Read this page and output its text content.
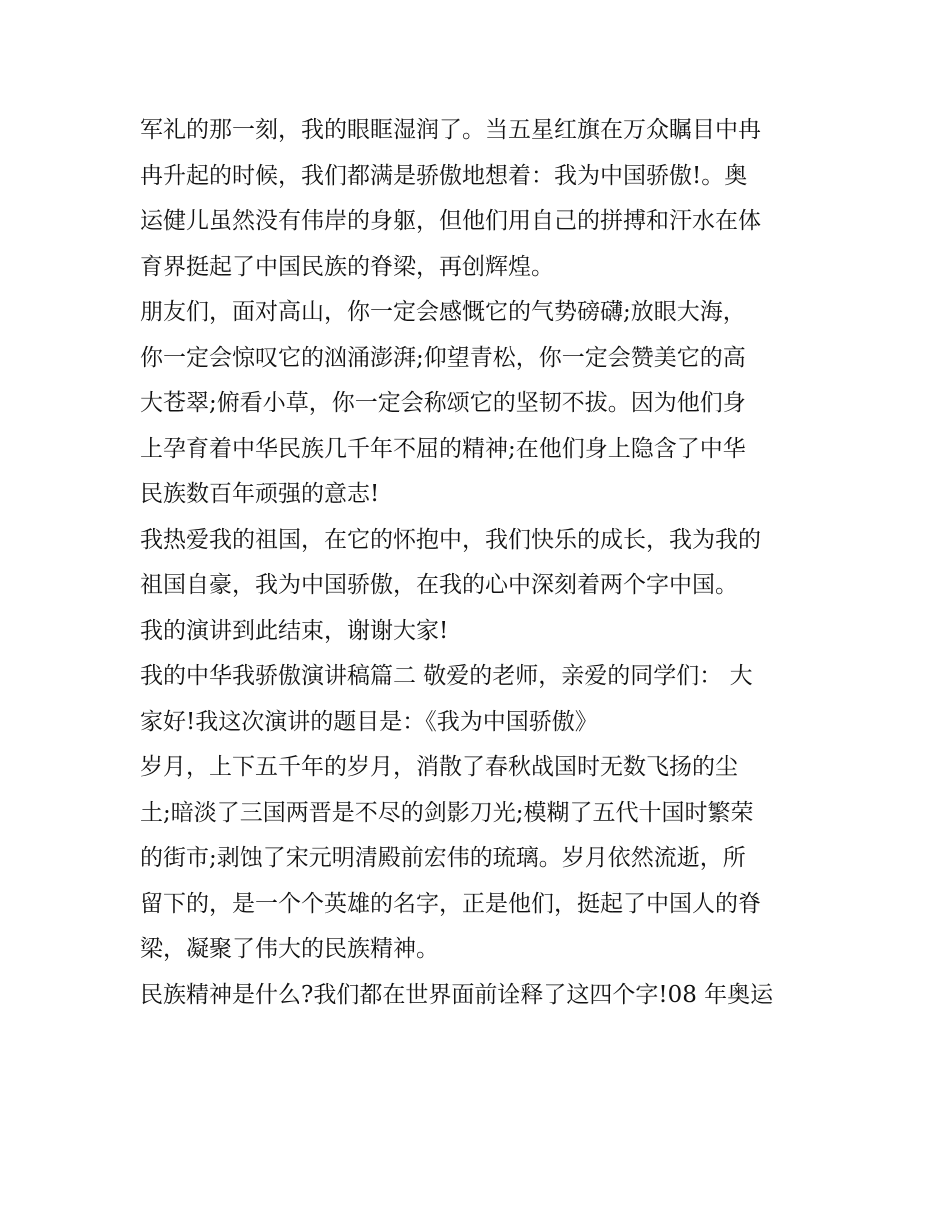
军礼的那一刻，我的眼眶湿润了。当五星红旗在万众瞩目中冉
冉升起的时候，我们都满是骄傲地想着：我为中国骄傲!。奥
运健儿虽然没有伟岸的身躯，但他们用自己的拼搏和汗水在体
育界挺起了中国民族的脊梁，再创辉煌。
朋友们，面对高山，你一定会感慨它的气势磅礴;放眼大海，
你一定会惊叹它的汹涌澎湃;仰望青松，你一定会赞美它的高
大苍翠;俯看小草，你一定会称颂它的坚韧不拔。因为他们身
上孕育着中华民族几千年不屈的精神;在他们身上隐含了中华
民族数百年顽强的意志!
我热爱我的祖国，在它的怀抱中，我们快乐的成长，我为我的
祖国自豪，我为中国骄傲，在我的心中深刻着两个字中国。
我的演讲到此结束，谢谢大家!
我的中华我骄傲演讲稿篇二 敬爱的老师，亲爱的同学们： 大
家好!我这次演讲的题目是：《我为中国骄傲》
岁月，上下五千年的岁月，消散了春秋战国时无数飞扬的尘
土;暗淡了三国两晋是不尽的剑影刀光;模糊了五代十国时繁荣
的街市;剥蚀了宋元明清殿前宏伟的琉璃。岁月依然流逝，所
留下的，是一个个英雄的名字，正是他们，挺起了中国人的脊
梁，凝聚了伟大的民族精神。
民族精神是什么?我们都在世界面前诠释了这四个字!08 年奥运
